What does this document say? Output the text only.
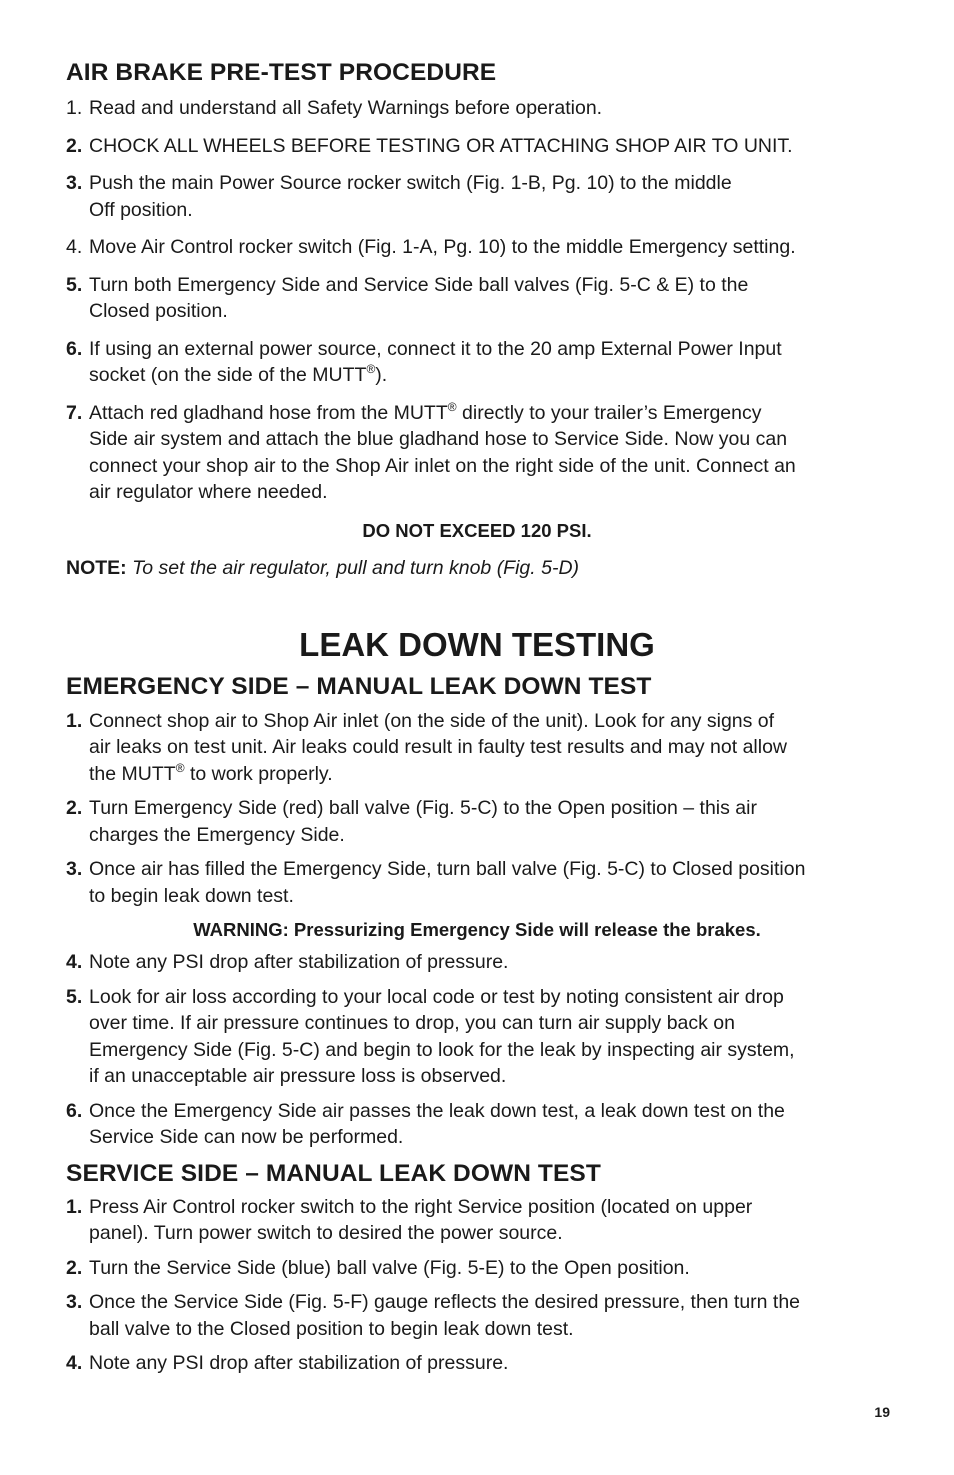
AIR BRAKE PRE-TEST PROCEDURE
1. Read and understand all Safety Warnings before operation.
2. CHOCK ALL WHEELS BEFORE TESTING OR ATTACHING SHOP AIR TO UNIT.
3. Push the main Power Source rocker switch (Fig. 1-B, Pg. 10) to the middle
Off position.
4. Move Air Control rocker switch (Fig. 1-A, Pg. 10) to the middle Emergency setting.
5. Turn both Emergency Side and Service Side ball valves (Fig. 5-C & E) to the
Closed position.
6. If using an external power source, connect it to the 20 amp External Power Input
socket (on the side of the MUTT®).
7. Attach red gladhand hose from the MUTT® directly to your trailer’s Emergency
Side air system and attach the blue gladhand hose to Service Side. Now you can
connect your shop air to the Shop Air inlet on the right side of the unit. Connect an
air regulator where needed.
DO NOT EXCEED 120 PSI.
NOTE: To set the air regulator, pull and turn knob (Fig. 5-D)
LEAK DOWN TESTING
EMERGENCY SIDE – MANUAL LEAK DOWN TEST
1. Connect shop air to Shop Air inlet (on the side of the unit). Look for any signs of
air leaks on test unit. Air leaks could result in faulty test results and may not allow
the MUTT® to work properly.
2. Turn Emergency Side (red) ball valve (Fig. 5-C) to the Open position – this air
charges the Emergency Side.
3. Once air has filled the Emergency Side, turn ball valve (Fig. 5-C) to Closed position
to begin leak down test.
WARNING: Pressurizing Emergency Side will release the brakes.
4. Note any PSI drop after stabilization of pressure.
5. Look for air loss according to your local code or test by noting consistent air drop
over time. If air pressure continues to drop, you can turn air supply back on
Emergency Side (Fig. 5-C) and begin to look for the leak by inspecting air system,
if an unacceptable air pressure loss is observed.
6. Once the Emergency Side air passes the leak down test, a leak down test on the
Service Side can now be performed.
SERVICE SIDE – MANUAL LEAK DOWN TEST
1. Press Air Control rocker switch to the right Service position (located on upper
panel). Turn power switch to desired the power source.
2. Turn the Service Side (blue) ball valve (Fig. 5-E) to the Open position.
3. Once the Service Side (Fig. 5-F) gauge reflects the desired pressure, then turn the
ball valve to the Closed position to begin leak down test.
4. Note any PSI drop after stabilization of pressure.
19
